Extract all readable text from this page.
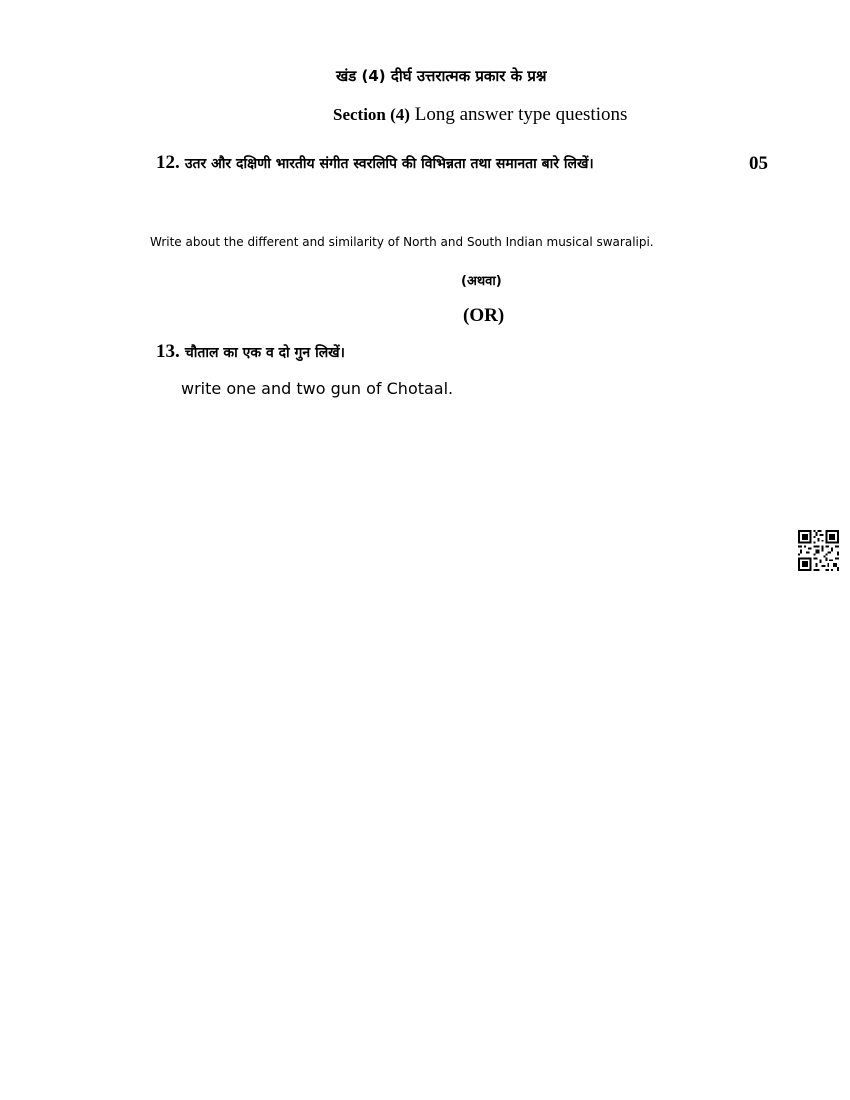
खंड (4) दीर्घ उत्तरात्मक प्रकार के प्रश्न
Section (4) Long answer type questions
12. उतर और दक्षिणी भारतीय संगीत स्वरलिपि की विभिन्नता तथा समानता बारे लिखें।	05
Write about the different and similarity of North and South Indian musical swaralipi.
(अथवा)
(OR)
13. चौताल का एक व दो गुन लिखें।
write one and two gun of Chotaal.
